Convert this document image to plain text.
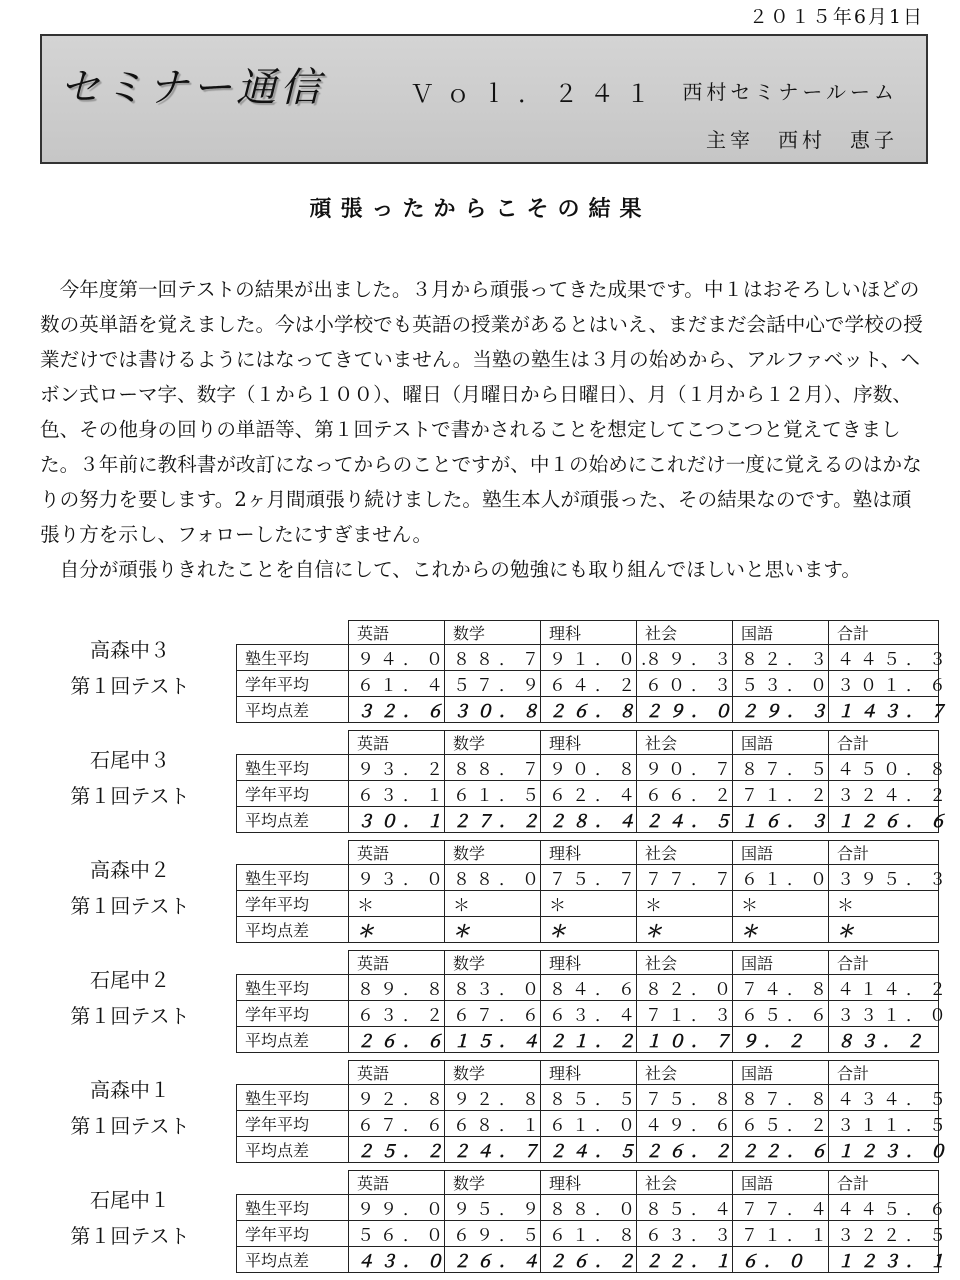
２０１５年6月1日
セミナー通信	Ｖｏｌ．２４１ 西村セミナールーム
主宰　西村　恵子
頑張ったからこその結果

今年度第一回テストの結果が出ました。３月から頑張ってきた成果です。中１はおそろしいほどの数の英単語を覚えました。今は小学校でも英語の授業があるとはいえ、まだまだ会話中心で学校の授業だけでは書けるようにはなってきていません。当塾の塾生は３月の始めから、アルファベット、ヘボン式ローマ字、数字（１から１００）、曜日（月曜日から日曜日）、月（１月から１２月）、序数、色、その他身の回りの単語等、第１回テストで書かされることを想定してこつこつと覚えてきました。３年前に教科書が改訂になってからのことですが、中１の始めにこれだけ一度に覚えるのはかなりの努力を要します。2ヶ月間頑張り続けました。塾生本人が頑張った、その結果なのです。塾は頑張り方を示し、フォローしたにすぎません。

自分が頑張りきれたことを自信にして、これからの勉強にも取り組んでほしいと思います。

高森中３
第１回テスト
	英語	数学	理科	社会	国語	合計
塾生平均	９４．０	８８．７	９１．０.	８９．３	８２．３	４４５．３
学年平均	６１．４	５７．９	６４．２	６０．３	５３．０	３０１．６
平均点差	３２．６	３０．８	２６．８	２９．０	２９．３	１４３．７
石尾中３
第１回テスト
	英語	数学	理科	社会	国語	合計
塾生平均	９３．２	８８．７	９０．８	９０．７	８７．５	４５０．８
学年平均	６３．１	６１．５	６２．４	６６．２	７１．２	３２４．２
平均点差	３０．１	２７．２	２８．４	２４．５	１６．３	１２６．６
高森中２
第１回テスト
	英語	数学	理科	社会	国語	合計
塾生平均	９３．０	８８．０	７５．７	７７．７	６１．０	３９５．３
学年平均	＊	＊	＊	＊	＊	＊
平均点差	＊	＊	＊	＊	＊	＊
石尾中２
第１回テスト
	英語	数学	理科	社会	国語	合計
塾生平均	８９．８	８３．０	８４．６	８２．０	７４．８	４１４．２
学年平均	６３．２	６７．６	６３．４	７１．３	６５．６	３３１．０
平均点差	２６．６	１５．４	２１．２	１０．７	９．２	８３．２
高森中１
第１回テスト
	英語	数学	理科	社会	国語	合計
塾生平均	９２．８	９２．８	８５．５	７５．８	８７．８	４３４．５
学年平均	６７．６	６８．１	６１．０	４９．６	６５．２	３１１．５
平均点差	２５．２	２４．７	２４．５	２６．２	２２．６	１２３．０
石尾中１
第１回テスト
	英語	数学	理科	社会	国語	合計
塾生平均	９９．０	９５．９	８８．０	８５．４	７７．４	４４５．６
学年平均	５６．０	６９．５	６１．８	６３．３	７１．１	３２２．５
平均点差	４３．０	２６．４	２６．２	２２．１	６．０	１２３．１
